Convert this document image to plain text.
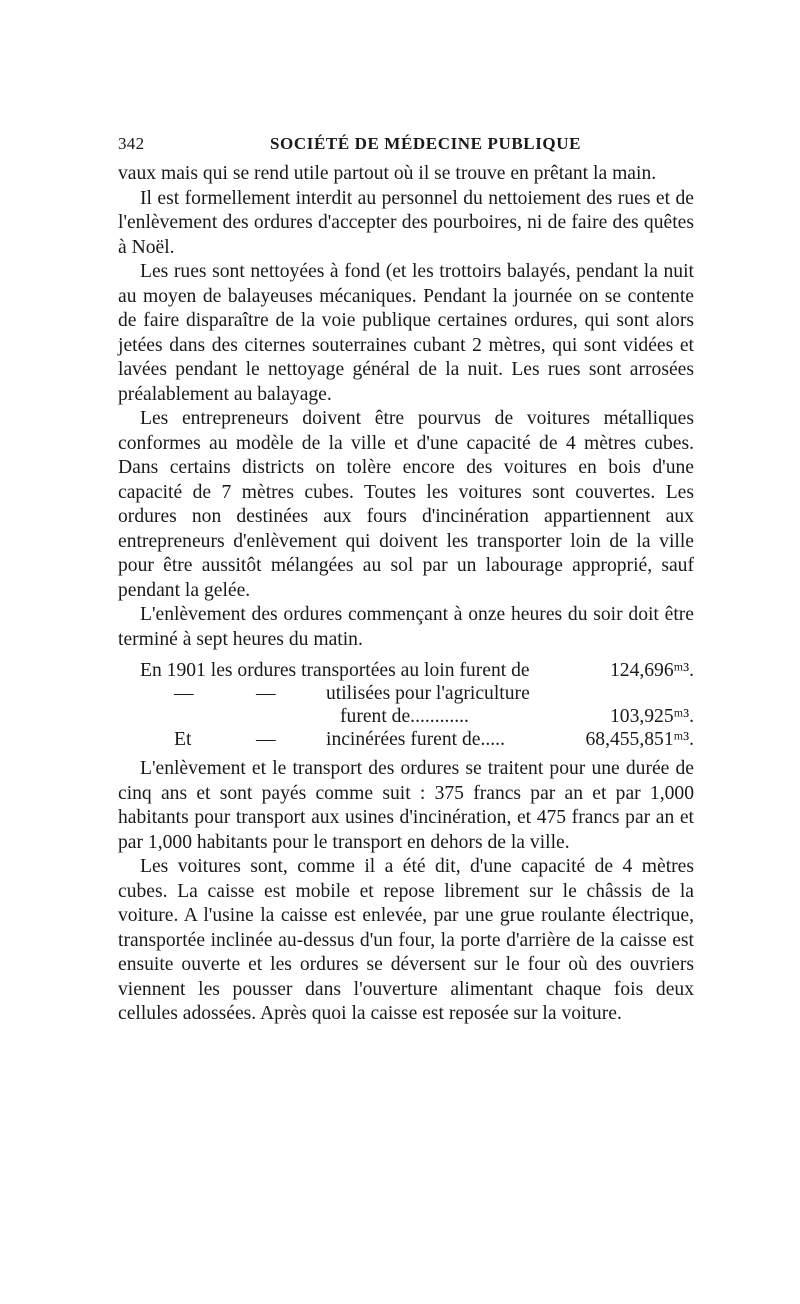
342	SOCIÉTÉ DE MÉDECINE PUBLIQUE

vaux mais qui se rend utile partout où il se trouve en prêtant la main.

Il est formellement interdit au personnel du nettoiement des rues et de l'enlèvement des ordures d'accepter des pourboires, ni de faire des quêtes à Noël.

Les rues sont nettoyées à fond (et les trottoirs balayés, pendant la nuit au moyen de balayeuses mécaniques. Pendant la journée on se contente de faire disparaître de la voie publique certaines ordures, qui sont alors jetées dans des citernes souterraines cubant 2 mètres, qui sont vidées et lavées pendant le nettoyage général de la nuit. Les rues sont arrosées préalablement au balayage.

Les entrepreneurs doivent être pourvus de voitures métalliques conformes au modèle de la ville et d'une capacité de 4 mètres cubes. Dans certains districts on tolère encore des voitures en bois d'une capacité de 7 mètres cubes. Toutes les voitures sont couvertes. Les ordures non destinées aux fours d'incinération appartiennent aux entrepreneurs d'enlèvement qui doivent les transporter loin de la ville pour être aussitôt mélangées au sol par un labourage approprié, sauf pendant la gelée.

L'enlèvement des ordures commençant à onze heures du soir doit être terminé à sept heures du matin.

En 1901 les ordures transportées au loin furent de	124,696ᵐ³.
—	—	utilisées pour l'agriculture
furent de............	103,925ᵐ³.
Et	—	incinérées furent de.....	68,455,851ᵐ³.

L'enlèvement et le transport des ordures se traitent pour une durée de cinq ans et sont payés comme suit : 375 francs par an et par 1,000 habitants pour transport aux usines d'incinération, et 475 francs par an et par 1,000 habitants pour le transport en dehors de la ville.

Les voitures sont, comme il a été dit, d'une capacité de 4 mètres cubes. La caisse est mobile et repose librement sur le châssis de la voiture. A l'usine la caisse est enlevée, par une grue roulante électrique, transportée inclinée au-dessus d'un four, la porte d'arrière de la caisse est ensuite ouverte et les ordures se déversent sur le four où des ouvriers viennent les pousser dans l'ouverture alimentant chaque fois deux cellules adossées. Après quoi la caisse est reposée sur la voiture.
